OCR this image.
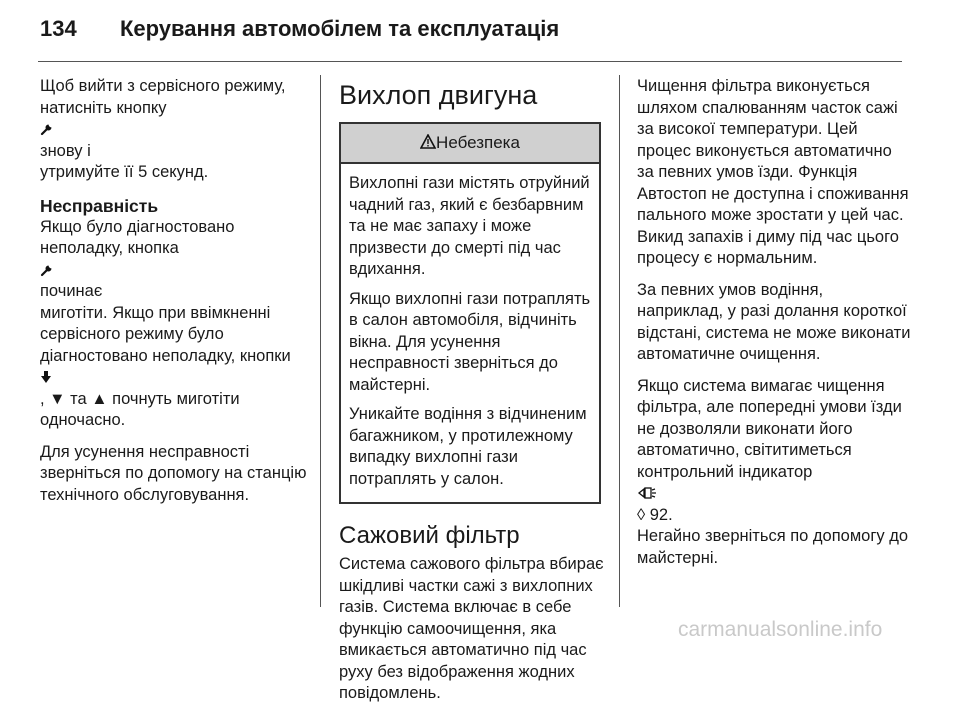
134 Керування автомобілем та експлуатація

Щоб вийти з сервісного режиму,
натисніть кнопку
знову і
утримуйте її 5 секунд.

Несправність

Якщо було діагностовано
неполадку, кнопка
починає
миготіти. Якщо при ввімкненні
сервісного режиму було
діагностовано неполадку, кнопки
, ▼ та ▲ почнуть миготіти
одночасно.

Для усунення несправності
зверніться по допомогу на станцію
технічного обслуговування.

Вихлоп двигуна
Небезпека

Вихлопні гази містять отруйний
чадний газ, який є безбарвним
та не має запаху і може
призвести до смерті під час
вдихання.

Якщо вихлопні гази потраплять
в салон автомобіля, відчиніть
вікна. Для усунення
несправності зверніться до
майстерні.

Уникайте водіння з відчиненим
багажником, у протилежному
випадку вихлопні гази
потраплять у салон.

Сажовий фільтр

Система сажового фільтра вбирає
шкідливі частки сажі з вихлопних
газів. Система включає в себе
функцію самоочищення, яка
вмикається автоматично під час
руху без відображення жодних
повідомлень.

Чищення фільтра виконується
шляхом спалюванням часток сажі
за високої температури. Цей
процес виконується автоматично
за певних умов їзди. Функція
Автостоп не доступна і споживання
пального може зростати у цей час.
Викид запахів і диму під час цього
процесу є нормальним.

За певних умов водіння,
наприклад, у разі долання короткої
відстані, система не може виконати
автоматичне очищення.

Якщо система вимагає чищення
фільтра, але попередні умови їзди
не дозволяли виконати його
автоматично, світитиметься
контрольний індикатор
◊ 92.
Негайно зверніться по допомогу до
майстерні.

carmanualsonline.info
